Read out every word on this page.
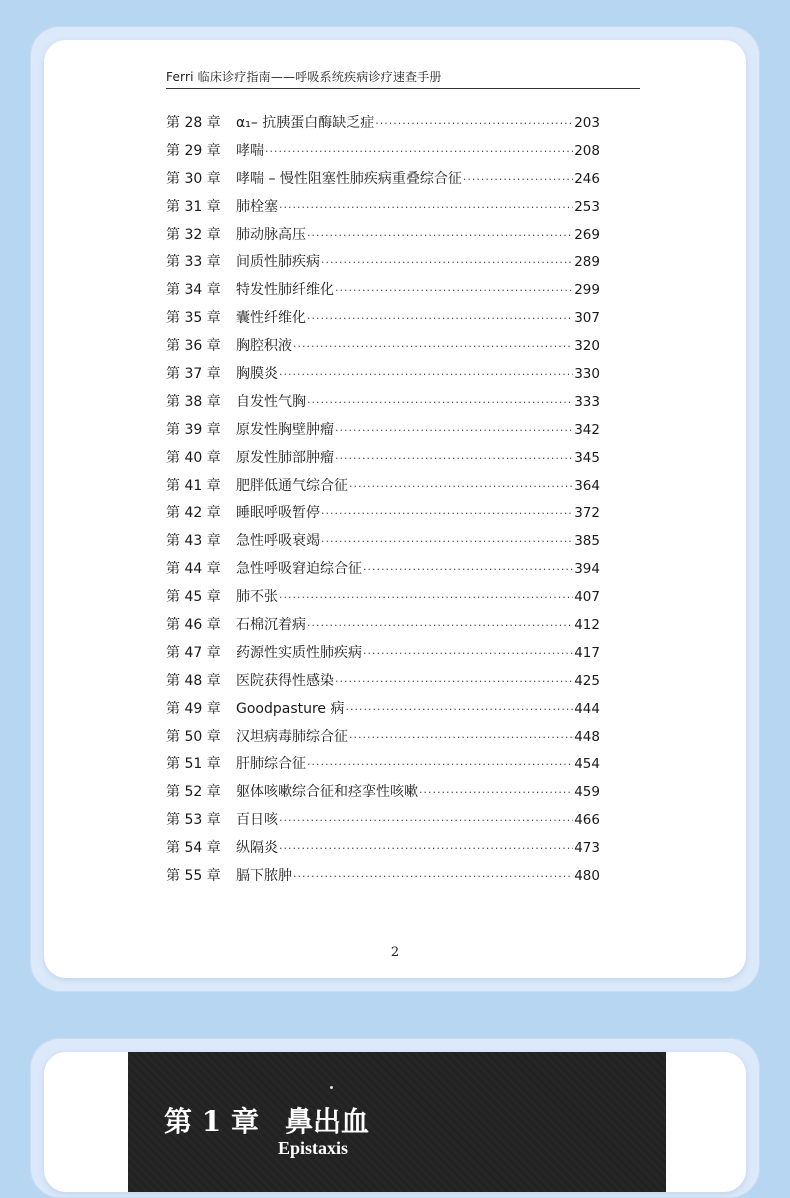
Ferri 临床诊疗指南——呼吸系统疾病诊疗速查手册
第 28 章	α₁– 抗胰蛋白酶缺乏症 ·····	203
第 29 章	哮喘 ·····	208
第 30 章	哮喘 – 慢性阻塞性肺疾病重叠综合征 ·····	246
第 31 章	肺栓塞 ·····	253
第 32 章	肺动脉高压 ·····	269
第 33 章	间质性肺疾病 ·····	289
第 34 章	特发性肺纤维化 ·····	299
第 35 章	囊性纤维化 ·····	307
第 36 章	胸腔积液 ·····	320
第 37 章	胸膜炎 ·····	330
第 38 章	自发性气胸 ·····	333
第 39 章	原发性胸壁肿瘤 ·····	342
第 40 章	原发性肺部肿瘤 ·····	345
第 41 章	肥胖低通气综合征 ·····	364
第 42 章	睡眠呼吸暂停 ·····	372
第 43 章	急性呼吸衰竭 ·····	385
第 44 章	急性呼吸窘迫综合征 ·····	394
第 45 章	肺不张 ·····	407
第 46 章	石棉沉着病 ·····	412
第 47 章	药源性实质性肺疾病 ·····	417
第 48 章	医院获得性感染 ·····	425
第 49 章	Goodpasture 病 ·····	444
第 50 章	汉坦病毒肺综合征 ·····	448
第 51 章	肝肺综合征 ·····	454
第 52 章	躯体咳嗽综合征和痉挛性咳嗽 ·····	459
第 53 章	百日咳 ·····	466
第 54 章	纵隔炎 ·····	473
第 55 章	膈下脓肿 ·····	480
2
第 1 章 鼻出血
Epistaxis
